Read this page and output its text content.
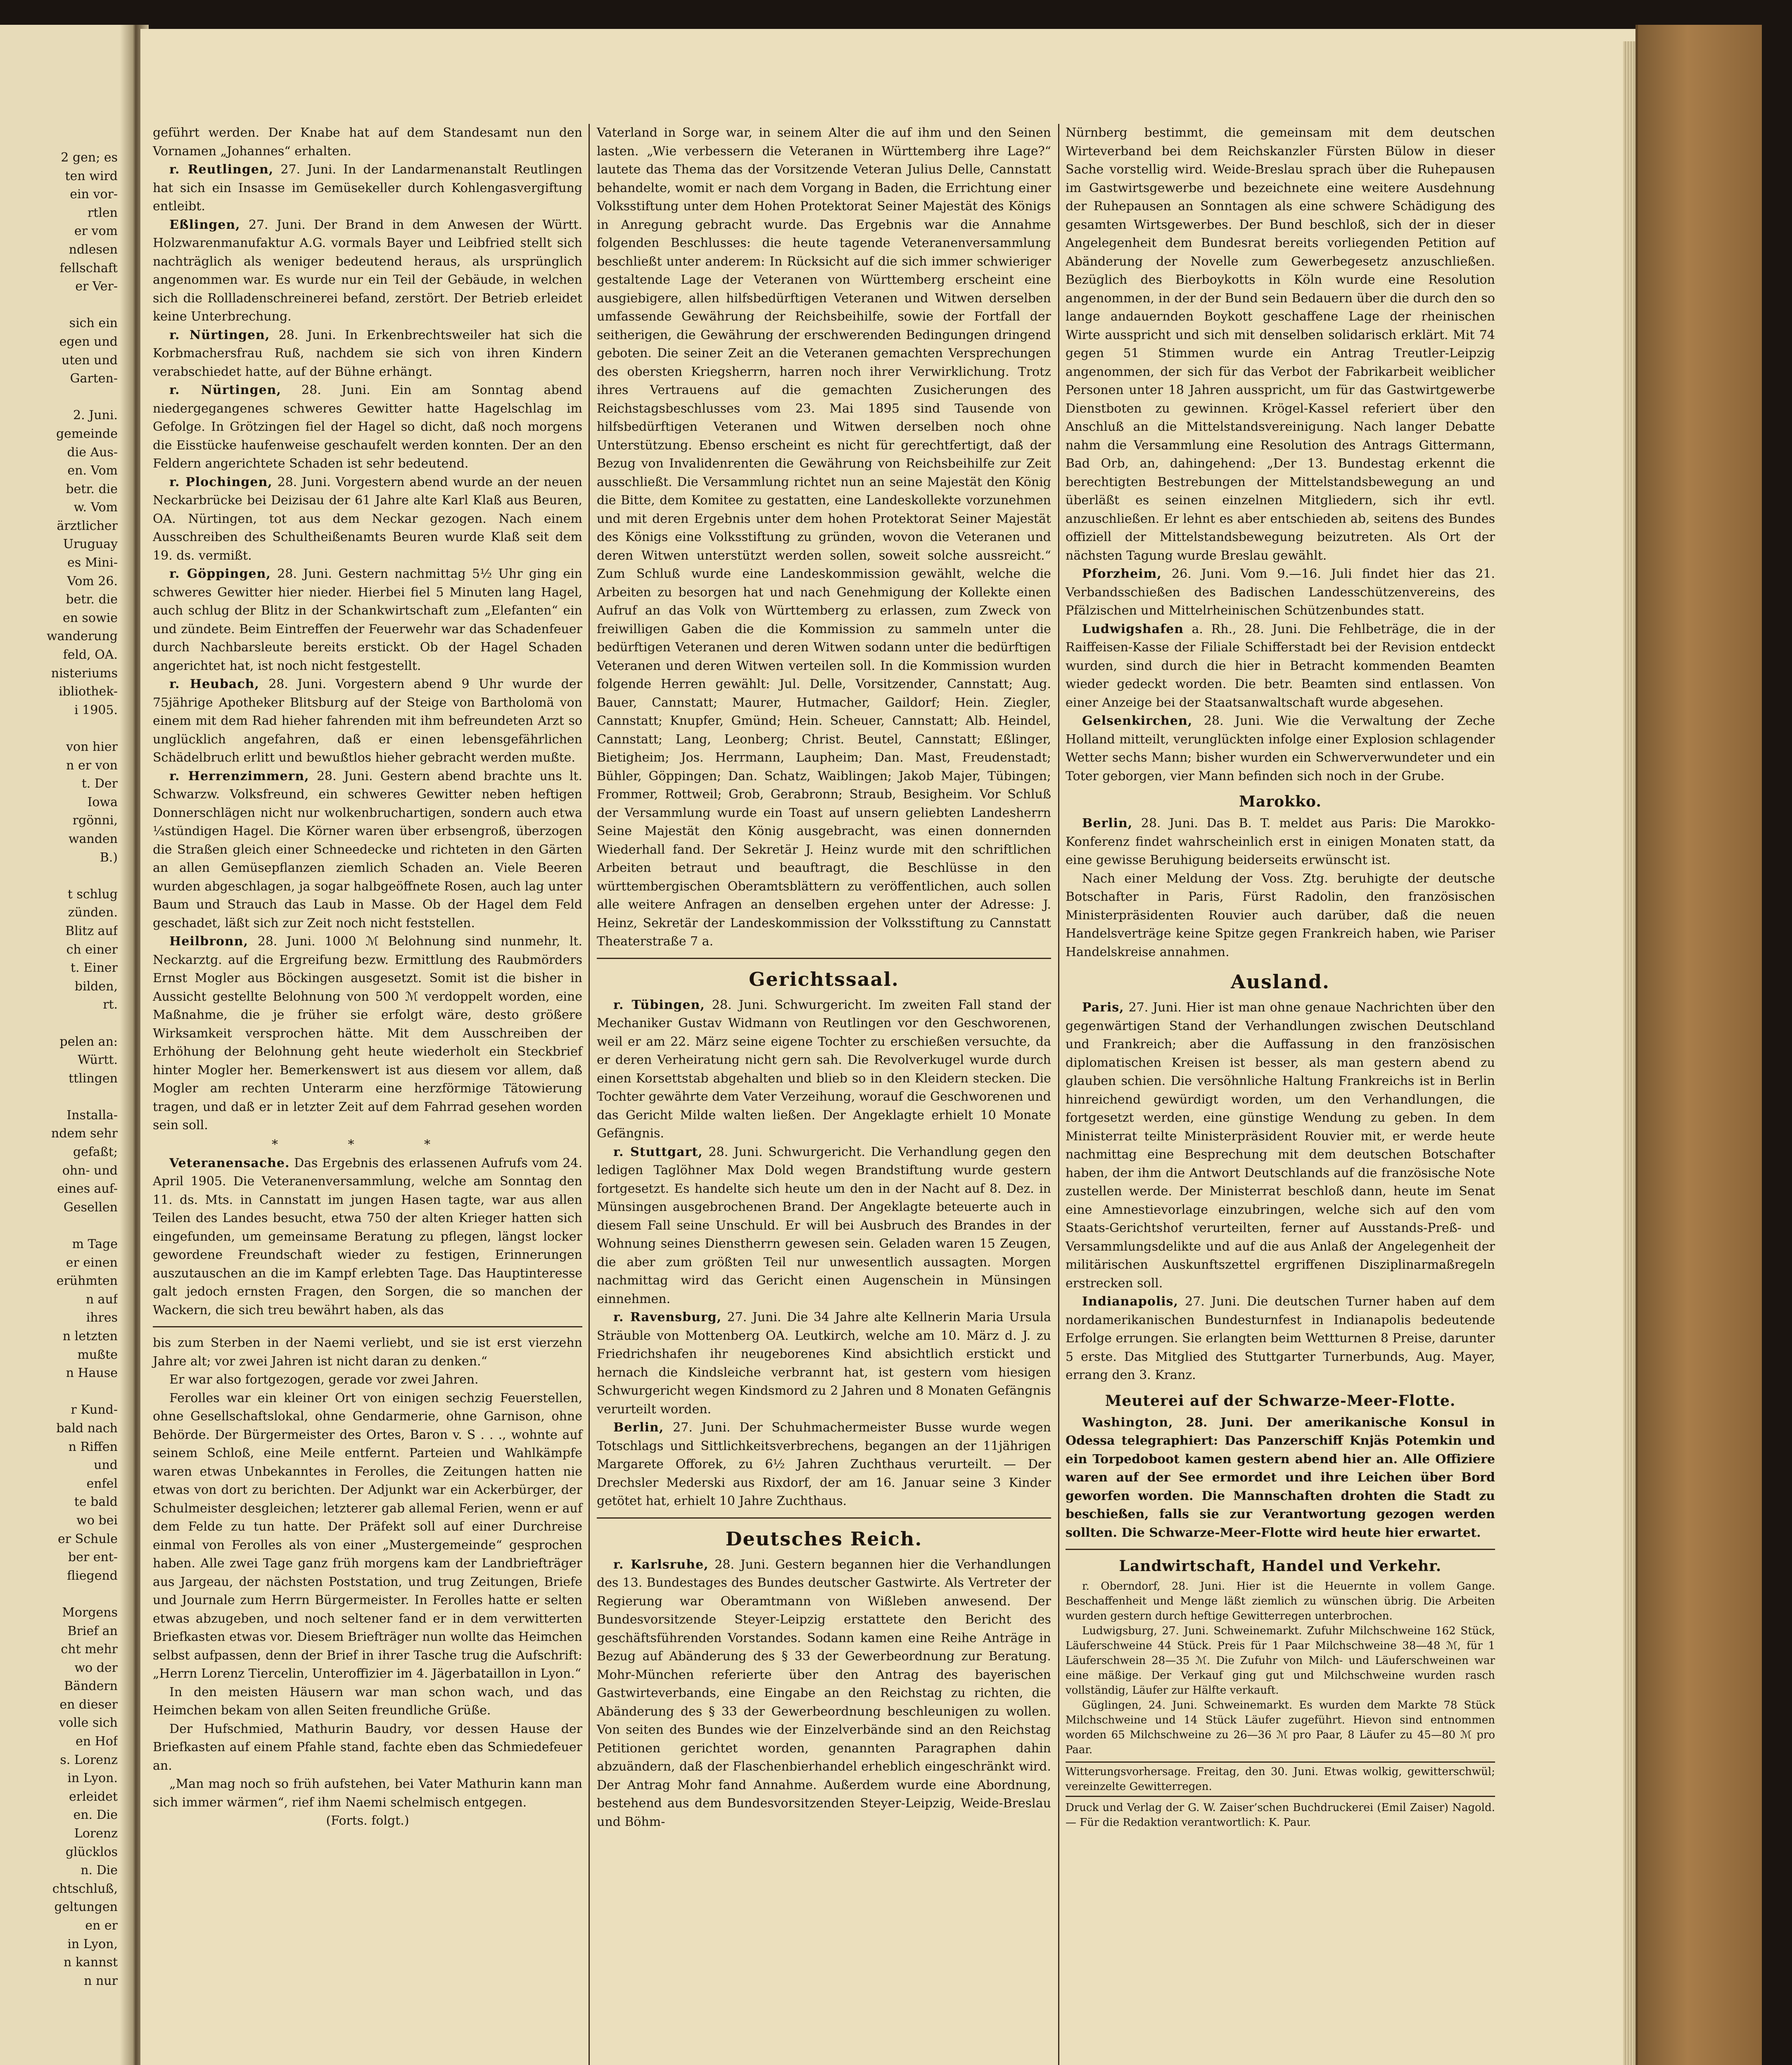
2 gen; es
ten wird
ein vor-
rtlen
er vom
ndlesen
fellschaft
er Ver-

sich ein
egen und
uten und
Garten-

2. Juni.
gemeinde
die Aus-
en. Vom
betr. die
w. Vom
ärztlicher
Uruguay
es Mini-
Vom 26.
betr. die
en sowie
wanderung
feld, OA.
nisteriums
ibliothek-
i 1905.

von hier
n er von
t. Der
Iowa
rgönni,
wanden
B.)

t schlug
zünden.
Blitz auf
ch einer
t. Einer
bilden,
rt.

pelen an:
Württ.
ttlingen

Installa-
ndem sehr
gefaßt;
ohn- und
eines auf-
Gesellen

m Tage
er einen
erühmten
n auf
ihres
n letzten
mußte
n Hause

r Kund-
bald nach
n Riffen
und
enfel
te bald
wo bei
er Schule
ber ent-
fliegend

Morgens
Brief an
cht mehr
wo der
Bändern
en dieser
volle sich
en Hof
s. Lorenz
in Lyon.
erleidet
en. Die
Lorenz
glücklos
n. Die
chtschluß,
geltungen
en er
in Lyon,
n kannst
n nur

geführt werden. Der Knabe hat auf dem Standesamt nun den Vornamen „Johannes“ erhalten.

r. Reutlingen, 27. Juni. In der Landarmenanstalt Reutlingen hat sich ein Insasse im Gemüsekeller durch Kohlengasvergiftung entleibt.

Eßlingen, 27. Juni. Der Brand in dem Anwesen der Württ. Holzwarenmanufaktur A.G. vormals Bayer und Leibfried stellt sich nachträglich als weniger bedeutend heraus, als ursprünglich angenommen war. Es wurde nur ein Teil der Gebäude, in welchen sich die Rollladenschreinerei befand, zerstört. Der Betrieb erleidet keine Unterbrechung.

r. Nürtingen, 28. Juni. In Erkenbrechtsweiler hat sich die Korbmachersfrau Ruß, nachdem sie sich von ihren Kindern verabschiedet hatte, auf der Bühne erhängt.

r. Nürtingen, 28. Juni. Ein am Sonntag abend niedergegangenes schweres Gewitter hatte Hagelschlag im Gefolge. In Grötzingen fiel der Hagel so dicht, daß noch morgens die Eisstücke haufenweise geschaufelt werden konnten. Der an den Feldern angerichtete Schaden ist sehr bedeutend.

r. Plochingen, 28. Juni. Vorgestern abend wurde an der neuen Neckarbrücke bei Deizisau der 61 Jahre alte Karl Klaß aus Beuren, OA. Nürtingen, tot aus dem Neckar gezogen. Nach einem Ausschreiben des Schultheißenamts Beuren wurde Klaß seit dem 19. ds. vermißt.

r. Göppingen, 28. Juni. Gestern nachmittag 5½ Uhr ging ein schweres Gewitter hier nieder. Hierbei fiel 5 Minuten lang Hagel, auch schlug der Blitz in der Schankwirtschaft zum „Elefanten“ ein und zündete. Beim Eintreffen der Feuerwehr war das Schadenfeuer durch Nachbarsleute bereits erstickt. Ob der Hagel Schaden angerichtet hat, ist noch nicht festgestellt.

r. Heubach, 28. Juni. Vorgestern abend 9 Uhr wurde der 75jährige Apotheker Blitsburg auf der Steige von Bartholomä von einem mit dem Rad hieher fahrenden mit ihm befreundeten Arzt so unglücklich angefahren, daß er einen lebensgefährlichen Schädelbruch erlitt und bewußtlos hieher gebracht werden mußte.

r. Herrenzimmern, 28. Juni. Gestern abend brachte uns lt. Schwarzw. Volksfreund, ein schweres Gewitter neben heftigen Donnerschlägen nicht nur wolkenbruchartigen, sondern auch etwa ¼stündigen Hagel. Die Körner waren über erbsengroß, überzogen die Straßen gleich einer Schneedecke und richteten in den Gärten an allen Gemüsepflanzen ziemlich Schaden an. Viele Beeren wurden abgeschlagen, ja sogar halbgeöffnete Rosen, auch lag unter Baum und Strauch das Laub in Masse. Ob der Hagel dem Feld geschadet, läßt sich zur Zeit noch nicht feststellen.

Heilbronn, 28. Juni. 1000 ℳ Belohnung sind nunmehr, lt. Neckarztg. auf die Ergreifung bezw. Ermittlung des Raubmörders Ernst Mogler aus Böckingen ausgesetzt. Somit ist die bisher in Aussicht gestellte Belohnung von 500 ℳ verdoppelt worden, eine Maßnahme, die je früher sie erfolgt wäre, desto größere Wirksamkeit versprochen hätte. Mit dem Ausschreiben der Erhöhung der Belohnung geht heute wiederholt ein Steckbrief hinter Mogler her. Bemerkenswert ist aus diesem vor allem, daß Mogler am rechten Unterarm eine herzförmige Tätowierung tragen, und daß er in letzter Zeit auf dem Fahrrad gesehen worden sein soll.

* * *

Veteranensache. Das Ergebnis des erlassenen Aufrufs vom 24. April 1905. Die Veteranenversammlung, welche am Sonntag den 11. ds. Mts. in Cannstatt im jungen Hasen tagte, war aus allen Teilen des Landes besucht, etwa 750 der alten Krieger hatten sich eingefunden, um gemeinsame Beratung zu pflegen, längst locker gewordene Freundschaft wieder zu festigen, Erinnerungen auszutauschen an die im Kampf erlebten Tage. Das Hauptinteresse galt jedoch ernsten Fragen, den Sorgen, die so manchen der Wackern, die sich treu bewährt haben, als das

bis zum Sterben in der Naemi verliebt, und sie ist erst vierzehn Jahre alt; vor zwei Jahren ist nicht daran zu denken.“

Er war also fortgezogen, gerade vor zwei Jahren.

Ferolles war ein kleiner Ort von einigen sechzig Feuerstellen, ohne Gesellschaftslokal, ohne Gendarmerie, ohne Garnison, ohne Behörde. Der Bürgermeister des Ortes, Baron v. S . . ., wohnte auf seinem Schloß, eine Meile entfernt. Parteien und Wahlkämpfe waren etwas Unbekanntes in Ferolles, die Zeitungen hatten nie etwas von dort zu berichten. Der Adjunkt war ein Ackerbürger, der Schulmeister desgleichen; letzterer gab allemal Ferien, wenn er auf dem Felde zu tun hatte. Der Präfekt soll auf einer Durchreise einmal von Ferolles als von einer „Mustergemeinde“ gesprochen haben. Alle zwei Tage ganz früh morgens kam der Landbriefträger aus Jargeau, der nächsten Poststation, und trug Zeitungen, Briefe und Journale zum Herrn Bürgermeister. In Ferolles hatte er selten etwas abzugeben, und noch seltener fand er in dem verwitterten Briefkasten etwas vor. Diesem Briefträger nun wollte das Heimchen selbst aufpassen, denn der Brief in ihrer Tasche trug die Aufschrift: „Herrn Lorenz Tiercelin, Unteroffizier im 4. Jägerbataillon in Lyon.“

In den meisten Häusern war man schon wach, und das Heimchen bekam von allen Seiten freundliche Grüße.

Der Hufschmied, Mathurin Baudry, vor dessen Hause der Briefkasten auf einem Pfahle stand, fachte eben das Schmiedefeuer an.

„Man mag noch so früh aufstehen, bei Vater Mathurin kann man sich immer wärmen“, rief ihm Naemi schelmisch entgegen.

(Forts. folgt.)

Vaterland in Sorge war, in seinem Alter die auf ihm und den Seinen lasten. „Wie verbessern die Veteranen in Württemberg ihre Lage?“ lautete das Thema das der Vorsitzende Veteran Julius Delle, Cannstatt behandelte, womit er nach dem Vorgang in Baden, die Errichtung einer Volksstiftung unter dem Hohen Protektorat Seiner Majestät des Königs in Anregung gebracht wurde. Das Ergebnis war die Annahme folgenden Beschlusses: die heute tagende Veteranenversammlung beschließt unter anderem: In Rücksicht auf die sich immer schwieriger gestaltende Lage der Veteranen von Württemberg erscheint eine ausgiebigere, allen hilfsbedürftigen Veteranen und Witwen derselben umfassende Gewährung der Reichsbeihilfe, sowie der Fortfall der seitherigen, die Gewährung der erschwerenden Bedingungen dringend geboten. Die seiner Zeit an die Veteranen gemachten Versprechungen des obersten Kriegsherrn, harren noch ihrer Verwirklichung. Trotz ihres Vertrauens auf die gemachten Zusicherungen des Reichstagsbeschlusses vom 23. Mai 1895 sind Tausende von hilfsbedürftigen Veteranen und Witwen derselben noch ohne Unterstützung. Ebenso erscheint es nicht für gerechtfertigt, daß der Bezug von Invalidenrenten die Gewährung von Reichsbeihilfe zur Zeit ausschließt. Die Versammlung richtet nun an seine Majestät den König die Bitte, dem Komitee zu gestatten, eine Landeskollekte vorzunehmen und mit deren Ergebnis unter dem hohen Protektorat Seiner Majestät des Königs eine Volksstiftung zu gründen, wovon die Veteranen und deren Witwen unterstützt werden sollen, soweit solche aussreicht.“ Zum Schluß wurde eine Landeskommission gewählt, welche die Arbeiten zu besorgen hat und nach Genehmigung der Kollekte einen Aufruf an das Volk von Württemberg zu erlassen, zum Zweck von freiwilligen Gaben die die Kommission zu sammeln unter die bedürftigen Veteranen und deren Witwen sodann unter die bedürftigen Veteranen und deren Witwen verteilen soll. In die Kommission wurden folgende Herren gewählt: Jul. Delle, Vorsitzender, Cannstatt; Aug. Bauer, Cannstatt; Maurer, Hutmacher, Gaildorf; Hein. Ziegler, Cannstatt; Knupfer, Gmünd; Hein. Scheuer, Cannstatt; Alb. Heindel, Cannstatt; Lang, Leonberg; Christ. Beutel, Cannstatt; Eßlinger, Bietigheim; Jos. Herrmann, Laupheim; Dan. Mast, Freudenstadt; Bühler, Göppingen; Dan. Schatz, Waiblingen; Jakob Majer, Tübingen; Frommer, Rottweil; Grob, Gerabronn; Straub, Besigheim. Vor Schluß der Versammlung wurde ein Toast auf unsern geliebten Landesherrn Seine Majestät den König ausgebracht, was einen donnernden Wiederhall fand. Der Sekretär J. Heinz wurde mit den schriftlichen Arbeiten betraut und beauftragt, die Beschlüsse in den württembergischen Oberamtsblättern zu veröffentlichen, auch sollen alle weitere Anfragen an denselben ergehen unter der Adresse: J. Heinz, Sekretär der Landeskommission der Volksstiftung zu Cannstatt Theaterstraße 7 a.

Gerichtssaal.

r. Tübingen, 28. Juni. Schwurgericht. Im zweiten Fall stand der Mechaniker Gustav Widmann von Reutlingen vor den Geschworenen, weil er am 22. März seine eigene Tochter zu erschießen versuchte, da er deren Verheiratung nicht gern sah. Die Revolverkugel wurde durch einen Korsettstab abgehalten und blieb so in den Kleidern stecken. Die Tochter gewährte dem Vater Verzeihung, worauf die Geschworenen und das Gericht Milde walten ließen. Der Angeklagte erhielt 10 Monate Gefängnis.

r. Stuttgart, 28. Juni. Schwurgericht. Die Verhandlung gegen den ledigen Taglöhner Max Dold wegen Brandstiftung wurde gestern fortgesetzt. Es handelte sich heute um den in der Nacht auf 8. Dez. in Münsingen ausgebrochenen Brand. Der Angeklagte beteuerte auch in diesem Fall seine Unschuld. Er will bei Ausbruch des Brandes in der Wohnung seines Dienstherrn gewesen sein. Geladen waren 15 Zeugen, die aber zum größten Teil nur unwesentlich aussagten. Morgen nachmittag wird das Gericht einen Augenschein in Münsingen einnehmen.

r. Ravensburg, 27. Juni. Die 34 Jahre alte Kellnerin Maria Ursula Sträuble von Mottenberg OA. Leutkirch, welche am 10. März d. J. zu Friedrichshafen ihr neugeborenes Kind absichtlich erstickt und hernach die Kindsleiche verbrannt hat, ist gestern vom hiesigen Schwurgericht wegen Kindsmord zu 2 Jahren und 8 Monaten Gefängnis verurteilt worden.

Berlin, 27. Juni. Der Schuhmachermeister Busse wurde wegen Totschlags und Sittlichkeitsverbrechens, begangen an der 11jährigen Margarete Offorek, zu 6½ Jahren Zuchthaus verurteilt. — Der Drechsler Mederski aus Rixdorf, der am 16. Januar seine 3 Kinder getötet hat, erhielt 10 Jahre Zuchthaus.

Deutsches Reich.

r. Karlsruhe, 28. Juni. Gestern begannen hier die Verhandlungen des 13. Bundestages des Bundes deutscher Gastwirte. Als Vertreter der Regierung war Oberamtmann von Wißleben anwesend. Der Bundesvorsitzende Steyer-Leipzig erstattete den Bericht des geschäftsführenden Vorstandes. Sodann kamen eine Reihe Anträge in Bezug auf Abänderung des § 33 der Gewerbeordnung zur Beratung. Mohr-München referierte über den Antrag des bayerischen Gastwirteverbands, eine Eingabe an den Reichstag zu richten, die Abänderung des § 33 der Gewerbeordnung beschleunigen zu wollen. Von seiten des Bundes wie der Einzelverbände sind an den Reichstag Petitionen gerichtet worden, genannten Paragraphen dahin abzuändern, daß der Flaschenbierhandel erheblich eingeschränkt wird. Der Antrag Mohr fand Annahme. Außerdem wurde eine Abordnung, bestehend aus dem Bundesvorsitzenden Steyer-Leipzig, Weide-Breslau und Böhm-

Nürnberg bestimmt, die gemeinsam mit dem deutschen Wirteverband bei dem Reichskanzler Fürsten Bülow in dieser Sache vorstellig wird. Weide-Breslau sprach über die Ruhepausen im Gastwirtsgewerbe und bezeichnete eine weitere Ausdehnung der Ruhepausen an Sonntagen als eine schwere Schädigung des gesamten Wirtsgewerbes. Der Bund beschloß, sich der in dieser Angelegenheit dem Bundesrat bereits vorliegenden Petition auf Abänderung der Novelle zum Gewerbegesetz anzuschließen. Bezüglich des Bierboykotts in Köln wurde eine Resolution angenommen, in der der Bund sein Bedauern über die durch den so lange andauernden Boykott geschaffene Lage der rheinischen Wirte ausspricht und sich mit denselben solidarisch erklärt. Mit 74 gegen 51 Stimmen wurde ein Antrag Treutler-Leipzig angenommen, der sich für das Verbot der Fabrikarbeit weiblicher Personen unter 18 Jahren ausspricht, um für das Gastwirtgewerbe Dienstboten zu gewinnen. Krögel-Kassel referiert über den Anschluß an die Mittelstandsvereinigung. Nach langer Debatte nahm die Versammlung eine Resolution des Antrags Gittermann, Bad Orb, an, dahingehend: „Der 13. Bundestag erkennt die berechtigten Bestrebungen der Mittelstandsbewegung an und überläßt es seinen einzelnen Mitgliedern, sich ihr evtl. anzuschließen. Er lehnt es aber entschieden ab, seitens des Bundes offiziell der Mittelstandsbewegung beizutreten. Als Ort der nächsten Tagung wurde Breslau gewählt.

Pforzheim, 26. Juni. Vom 9.—16. Juli findet hier das 21. Verbandsschießen des Badischen Landesschützenvereins, des Pfälzischen und Mittelrheinischen Schützenbundes statt.

Ludwigshafen a. Rh., 28. Juni. Die Fehlbeträge, die in der Raiffeisen-Kasse der Filiale Schifferstadt bei der Revision entdeckt wurden, sind durch die hier in Betracht kommenden Beamten wieder gedeckt worden. Die betr. Beamten sind entlassen. Von einer Anzeige bei der Staatsanwaltschaft wurde abgesehen.

Gelsenkirchen, 28. Juni. Wie die Verwaltung der Zeche Holland mitteilt, verunglückten infolge einer Explosion schlagender Wetter sechs Mann; bisher wurden ein Schwerverwundeter und ein Toter geborgen, vier Mann befinden sich noch in der Grube.

Marokko.

Berlin, 28. Juni. Das B. T. meldet aus Paris: Die Marokko-Konferenz findet wahrscheinlich erst in einigen Monaten statt, da eine gewisse Beruhigung beiderseits erwünscht ist.

Nach einer Meldung der Voss. Ztg. beruhigte der deutsche Botschafter in Paris, Fürst Radolin, den französischen Ministerpräsidenten Rouvier auch darüber, daß die neuen Handelsverträge keine Spitze gegen Frankreich haben, wie Pariser Handelskreise annahmen.

Ausland.

Paris, 27. Juni. Hier ist man ohne genaue Nachrichten über den gegenwärtigen Stand der Verhandlungen zwischen Deutschland und Frankreich; aber die Auffassung in den französischen diplomatischen Kreisen ist besser, als man gestern abend zu glauben schien. Die versöhnliche Haltung Frankreichs ist in Berlin hinreichend gewürdigt worden, um den Verhandlungen, die fortgesetzt werden, eine günstige Wendung zu geben. In dem Ministerrat teilte Ministerpräsident Rouvier mit, er werde heute nachmittag eine Besprechung mit dem deutschen Botschafter haben, der ihm die Antwort Deutschlands auf die französische Note zustellen werde. Der Ministerrat beschloß dann, heute im Senat eine Amnestievorlage einzubringen, welche sich auf den vom Staats-Gerichtshof verurteilten, ferner auf Ausstands-Preß- und Versammlungsdelikte und auf die aus Anlaß der Angelegenheit der militärischen Auskunftszettel ergriffenen Disziplinarmaßregeln erstrecken soll.

Indianapolis, 27. Juni. Die deutschen Turner haben auf dem nordamerikanischen Bundesturnfest in Indianapolis bedeutende Erfolge errungen. Sie erlangten beim Wettturnen 8 Preise, darunter 5 erste. Das Mitglied des Stuttgarter Turnerbunds, Aug. Mayer, errang den 3. Kranz.

Meuterei auf der Schwarze-Meer-Flotte.

Washington, 28. Juni. Der amerikanische Konsul in Odessa telegraphiert: Das Panzerschiff Knjäs Potemkin und ein Torpedoboot kamen gestern abend hier an. Alle Offiziere waren auf der See ermordet und ihre Leichen über Bord geworfen worden. Die Mannschaften drohten die Stadt zu beschießen, falls sie zur Verantwortung gezogen werden sollten. Die Schwarze-Meer-Flotte wird heute hier erwartet.

Landwirtschaft, Handel und Verkehr.

r. Oberndorf, 28. Juni. Hier ist die Heuernte in vollem Gange. Beschaffenheit und Menge läßt ziemlich zu wünschen übrig. Die Arbeiten wurden gestern durch heftige Gewitterregen unterbrochen.

Ludwigsburg, 27. Juni. Schweinemarkt. Zufuhr Milchschweine 162 Stück, Läuferschweine 44 Stück. Preis für 1 Paar Milchschweine 38—48 ℳ, für 1 Läuferschwein 28—35 ℳ. Die Zufuhr von Milch- und Läuferschweinen war eine mäßige. Der Verkauf ging gut und Milchschweine wurden rasch vollständig, Läufer zur Hälfte verkauft.

Güglingen, 24. Juni. Schweinemarkt. Es wurden dem Markte 78 Stück Milchschweine und 14 Stück Läufer zugeführt. Hievon sind entnommen worden 65 Milchschweine zu 26—36 ℳ pro Paar, 8 Läufer zu 45—80 ℳ pro Paar.

Witterungsvorhersage. Freitag, den 30. Juni. Etwas wolkig, gewitterschwül; vereinzelte Gewitterregen.

Druck und Verlag der G. W. Zaiser’schen Buchdruckerei (Emil Zaiser) Nagold. — Für die Redaktion verantwortlich: K. Paur.
